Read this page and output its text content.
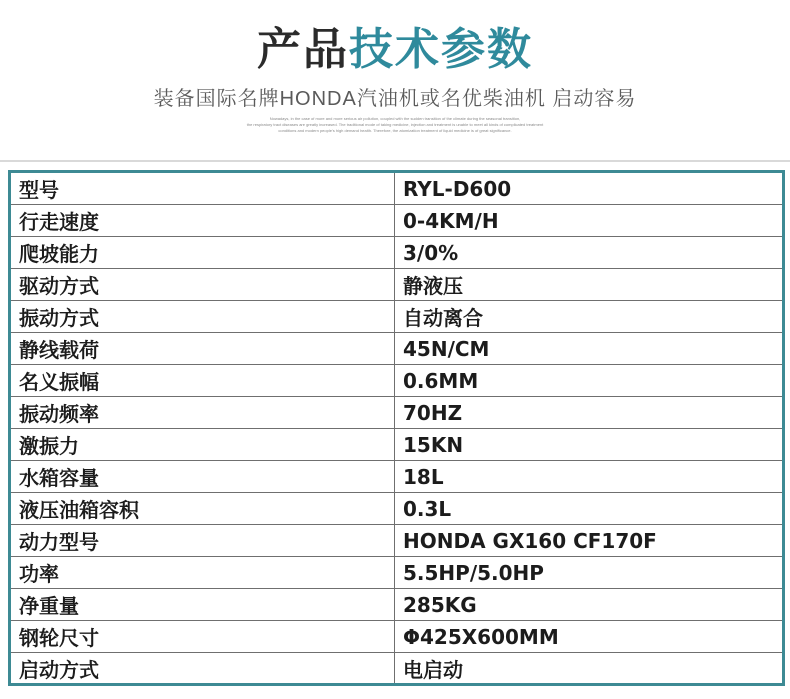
产品技术参数
装备国际名牌HONDA汽油机或名优柴油机 启动容易
Nowadays, in the case of more and more serious air pollution, coupled with the sudden transition of the climate during the seasonal transition,
the respiratory tract diseases are greatly increased. The traditional mode of taking medicine, injection and treatment is unable to meet all kinds of complicated treatment
conditions and modern people's high demand health. Therefore, the atomization treatment of liquid medicine is of great significance.
型号	RYL-D600
行走速度	0-4KM/H
爬坡能力	3/0%
驱动方式	静液压
振动方式	自动离合
静线载荷	45N/CM
名义振幅	0.6MM
振动频率	70HZ
激振力	15KN
水箱容量	18L
液压油箱容积	0.3L
动力型号	HONDA GX160 CF170F
功率	5.5HP/5.0HP
净重量	285KG
钢轮尺寸	Φ425X600MM
启动方式	电启动
